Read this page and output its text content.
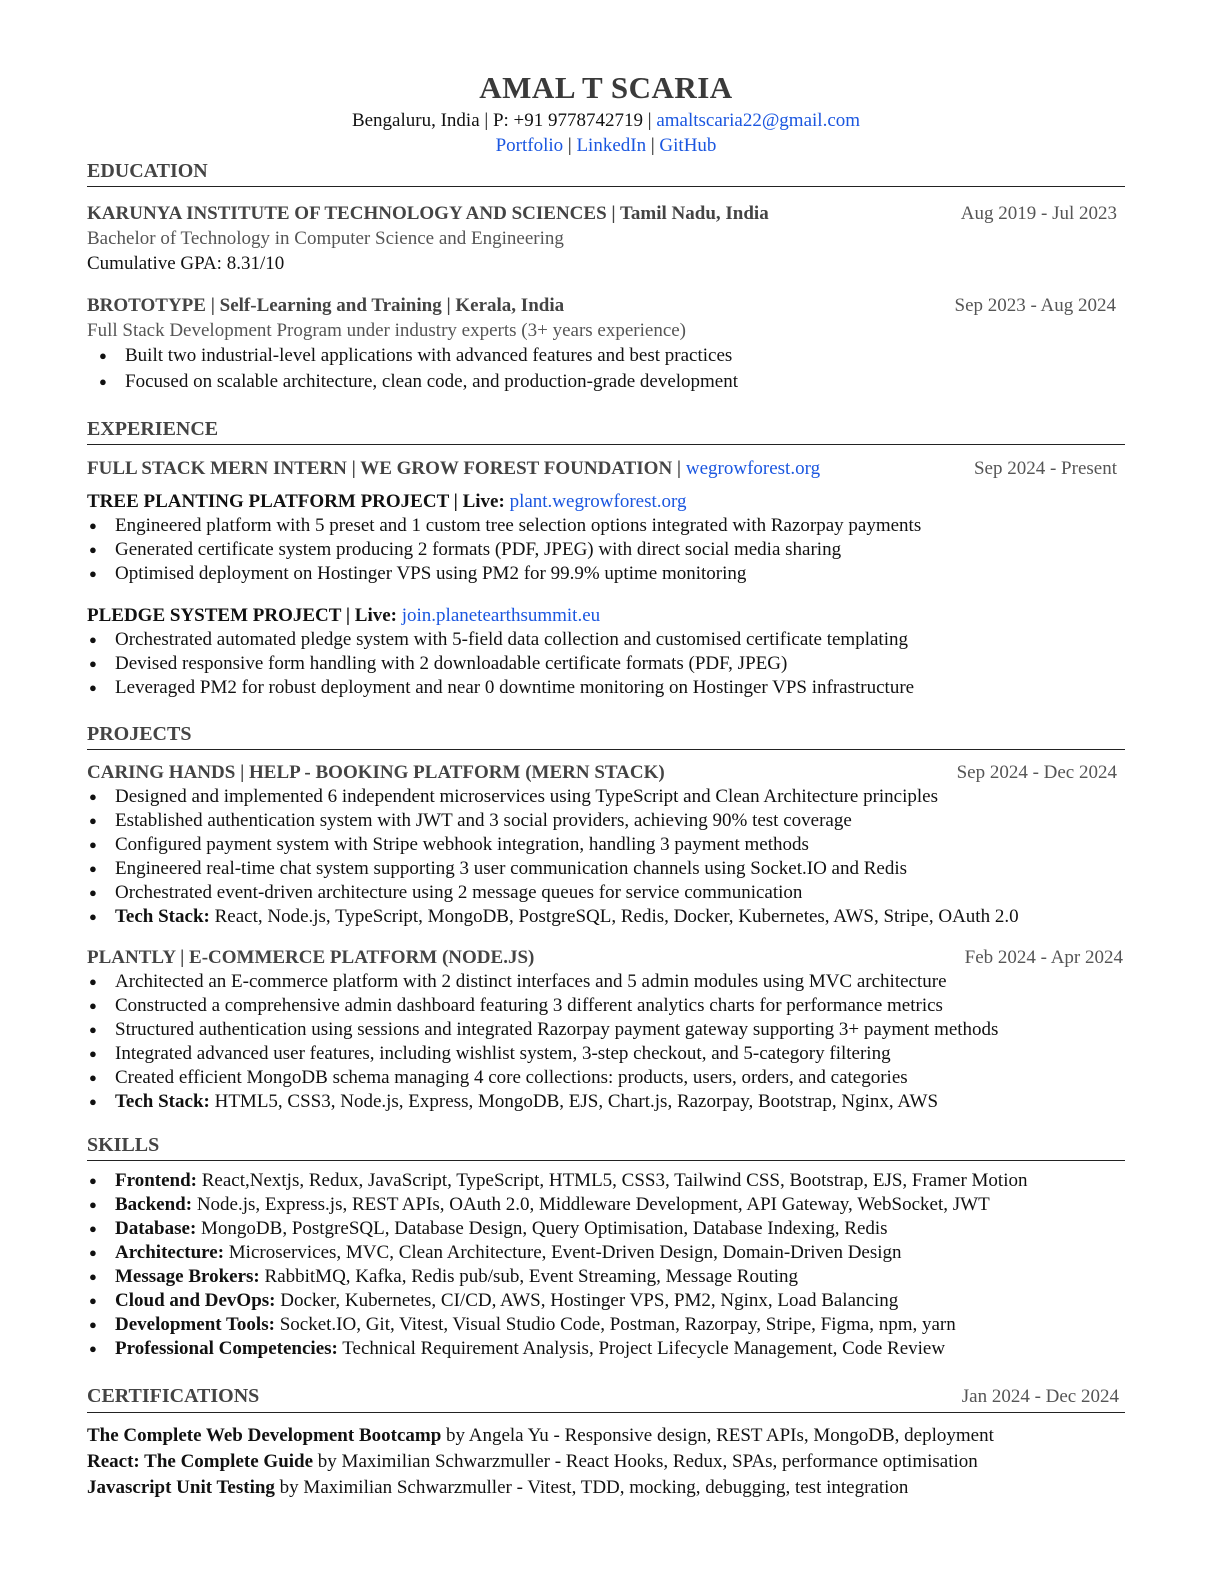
AMAL T SCARIA
Bengaluru, India | P: +91 9778742719 | amaltscaria22@gmail.com
Portfolio | LinkedIn | GitHub
EDUCATION
KARUNYA INSTITUTE OF TECHNOLOGY AND SCIENCES | Tamil Nadu, India	Aug 2019 - Jul 2023
Bachelor of Technology in Computer Science and Engineering
Cumulative GPA: 8.31/10
BROTOTYPE | Self-Learning and Training | Kerala, India	Sep 2023 - Aug 2024
Full Stack Development Program under industry experts (3+ years experience)
● Built two industrial-level applications with advanced features and best practices
● Focused on scalable architecture, clean code, and production-grade development
EXPERIENCE
FULL STACK MERN INTERN | WE GROW FOREST FOUNDATION | wegrowforest.org	Sep 2024 - Present
TREE PLANTING PLATFORM PROJECT | Live: plant.wegrowforest.org
● Engineered platform with 5 preset and 1 custom tree selection options integrated with Razorpay payments
● Generated certificate system producing 2 formats (PDF, JPEG) with direct social media sharing
● Optimised deployment on Hostinger VPS using PM2 for 99.9% uptime monitoring
PLEDGE SYSTEM PROJECT | Live: join.planetearthsummit.eu
● Orchestrated automated pledge system with 5-field data collection and customised certificate templating
● Devised responsive form handling with 2 downloadable certificate formats (PDF, JPEG)
● Leveraged PM2 for robust deployment and near 0 downtime monitoring on Hostinger VPS infrastructure
PROJECTS
CARING HANDS | HELP - BOOKING PLATFORM (MERN STACK)	Sep 2024 - Dec 2024
● Designed and implemented 6 independent microservices using TypeScript and Clean Architecture principles
● Established authentication system with JWT and 3 social providers, achieving 90% test coverage
● Configured payment system with Stripe webhook integration, handling 3 payment methods
● Engineered real-time chat system supporting 3 user communication channels using Socket.IO and Redis
● Orchestrated event-driven architecture using 2 message queues for service communication
● Tech Stack: React, Node.js, TypeScript, MongoDB, PostgreSQL, Redis, Docker, Kubernetes, AWS, Stripe, OAuth 2.0
PLANTLY | E-COMMERCE PLATFORM (NODE.JS)	Feb 2024 - Apr 2024
● Architected an E-commerce platform with 2 distinct interfaces and 5 admin modules using MVC architecture
● Constructed a comprehensive admin dashboard featuring 3 different analytics charts for performance metrics
● Structured authentication using sessions and integrated Razorpay payment gateway supporting 3+ payment methods
● Integrated advanced user features, including wishlist system, 3-step checkout, and 5-category filtering
● Created efficient MongoDB schema managing 4 core collections: products, users, orders, and categories
● Tech Stack: HTML5, CSS3, Node.js, Express, MongoDB, EJS, Chart.js, Razorpay, Bootstrap, Nginx, AWS
SKILLS
● Frontend: React,Nextjs, Redux, JavaScript, TypeScript, HTML5, CSS3, Tailwind CSS, Bootstrap, EJS, Framer Motion
● Backend: Node.js, Express.js, REST APIs, OAuth 2.0, Middleware Development, API Gateway, WebSocket, JWT
● Database: MongoDB, PostgreSQL, Database Design, Query Optimisation, Database Indexing, Redis
● Architecture: Microservices, MVC, Clean Architecture, Event-Driven Design, Domain-Driven Design
● Message Brokers: RabbitMQ, Kafka, Redis pub/sub, Event Streaming, Message Routing
● Cloud and DevOps: Docker, Kubernetes, CI/CD, AWS, Hostinger VPS, PM2, Nginx, Load Balancing
● Development Tools: Socket.IO, Git, Vitest, Visual Studio Code, Postman, Razorpay, Stripe, Figma, npm, yarn
● Professional Competencies: Technical Requirement Analysis, Project Lifecycle Management, Code Review
CERTIFICATIONS	Jan 2024 - Dec 2024
The Complete Web Development Bootcamp by Angela Yu - Responsive design, REST APIs, MongoDB, deployment
React: The Complete Guide by Maximilian Schwarzmuller - React Hooks, Redux, SPAs, performance optimisation
Javascript Unit Testing by Maximilian Schwarzmuller - Vitest, TDD, mocking, debugging, test integration
